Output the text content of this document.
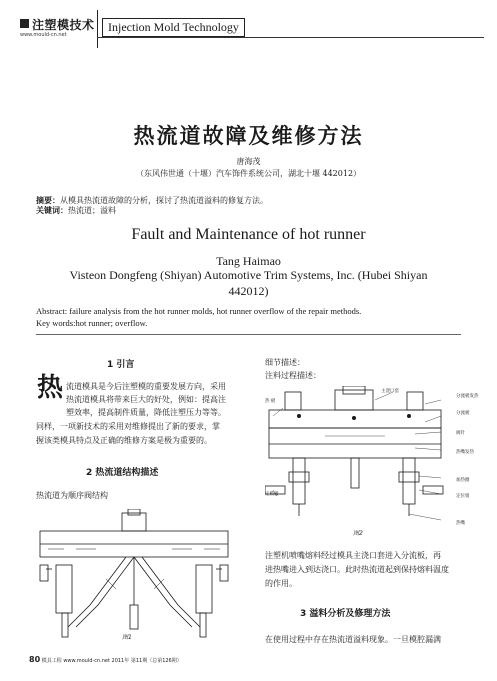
注塑模技术
www.mould-cn.net
Injection Mold Technology
热流道故障及维修方法
唐海茂
（东风伟世通（十堰）汽车饰件系统公司，湖北十堰 442012）
摘要：从模具热流道故障的分析，探讨了热流道溢料的修复方法。
关键词：热流道；溢料
Fault and Maintenance of hot runner
Tang Haimao
Visteon Dongfeng (Shiyan) Automotive Trim Systems, Inc. (Hubei Shiyan
442012)
Abstract: failure analysis from the hot runner molds, hot runner overflow of the repair methods.
Key words:hot runner; overflow.
1 引言
热 流道模具是今后注塑模的重要发展方向，采用
热流道模具将带来巨大的好处，例如：提高注
塑效率，提高制件质量，降低注塑压力等等。
同样，一项新技术的采用对维修提出了新的要求，掌
握该类模具特点及正确的维修方案是极为重要的。
2 热流道结构描述
热流道为顺序阀结构
图1
细节描述：
注料过程描述：
主浇口套
热 板
分流板发热
分流板
阀针
热嘴发热
加热圈
定位销
定模板
热嘴
图2
注塑机喷嘴熔料经过模具主浇口套进入分流板，再
进热嘴进入到达浇口。此时热流道起到保持熔料温度
的作用。
3 溢料分析及修理方法
在使用过程中存在热流道溢料现象。一旦模腔漏满
80 模具工程 www.mould-cn.net 2011年 第11期（总第126期）
